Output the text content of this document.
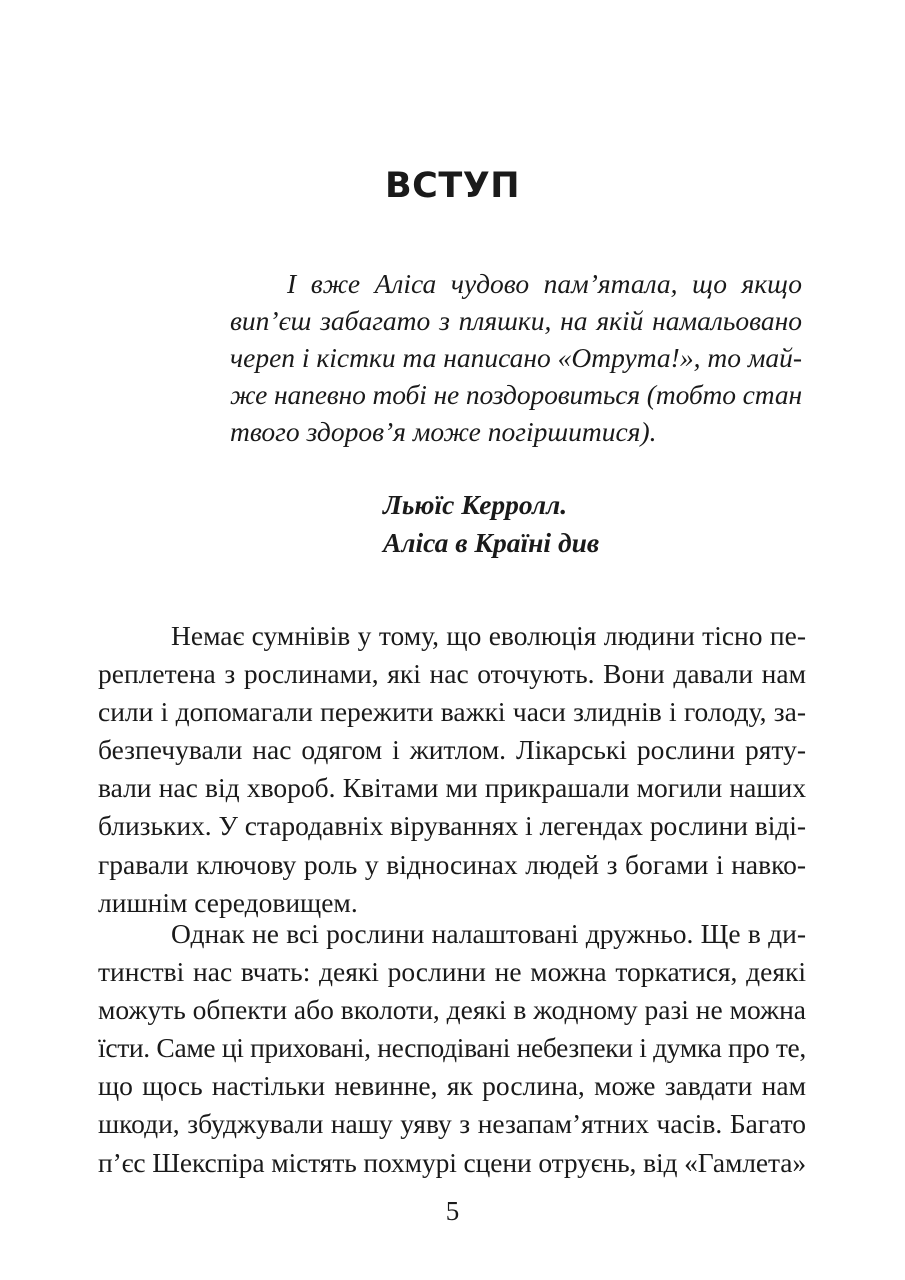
ВСТУП
І вже Аліса чудово пам’ятала, що якщо
вип’єш забагато з пляшки, на якій намальовано
череп і кістки та написано «Отрута!», то май-
же напевно тобі не поздоровиться (тобто стан
твого здоров’я може погіршитися).
Льюїс Керролл.
Аліса в Країні див
Немає сумнівів у тому, що еволюція людини тісно пе-
реплетена з рослинами, які нас оточують. Вони давали нам
сили і допомагали пережити важкі часи злиднів і голоду, за-
безпечували нас одягом і житлом. Лікарські рослини ряту-
вали нас від хвороб. Квітами ми прикрашали могили наших
близьких. У стародавніх віруваннях і легендах рослини віді-
гравали ключову роль у відносинах людей з богами і навко-
лишнім середовищем.
Однак не всі рослини налаштовані дружньо. Ще в ди-
тинстві нас вчать: деякі рослини не можна торкатися, деякі
можуть обпекти або вколоти, деякі в жодному разі не можна
їсти. Саме ці приховані, несподівані небезпеки і думка про те,
що щось настільки невинне, як рослина, може завдати нам
шкоди, збуджували нашу уяву з незапам’ятних часів. Багато
п’єс Шекспіра містять похмурі сцени отруєнь, від «Гамлета»
5
